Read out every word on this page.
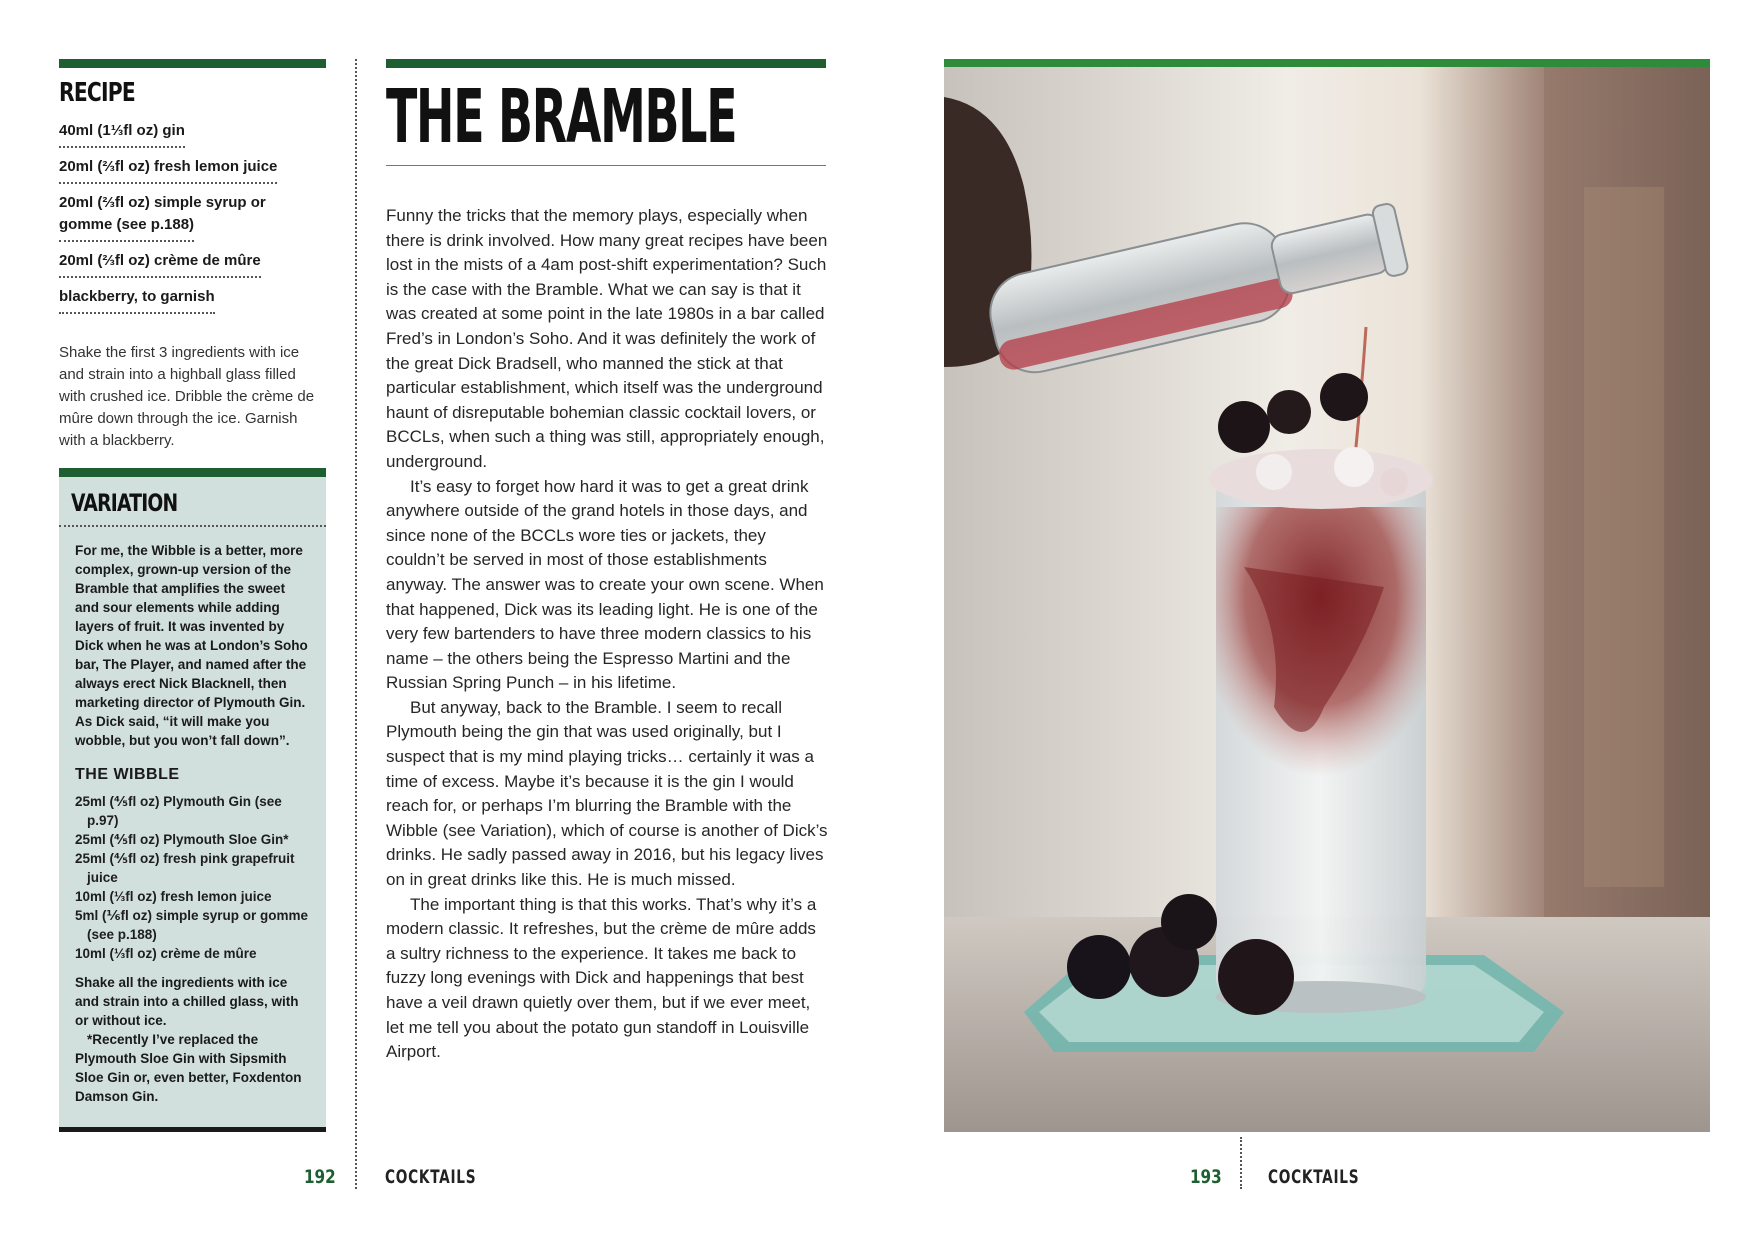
RECIPE
40ml (1⅓fl oz) gin
20ml (⅔fl oz) fresh lemon juice
20ml (⅔fl oz) simple syrup or
gomme (see p.188)
20ml (⅔fl oz) crème de mûre
blackberry, to garnish

Shake the first 3 ingredients with ice and strain into a highball glass filled with crushed ice. Dribble the crème de mûre down through the ice. Garnish with a blackberry.

VARIATION

For me, the Wibble is a better, more complex, grown-up version of the Bramble that amplifies the sweet and sour elements while adding layers of fruit. It was invented by Dick when he was at London’s Soho bar, The Player, and named after the always erect Nick Blacknell, then marketing director of Plymouth Gin. As Dick said, “it will make you wobble, but you won’t fall down”.

THE WIBBLE

25ml (⅘fl oz) Plymouth Gin (see p.97)
25ml (⅘fl oz) Plymouth Sloe Gin*
25ml (⅘fl oz) fresh pink grapefruit juice
10ml (⅓fl oz) fresh lemon juice
5ml (⅙fl oz) simple syrup or gomme (see p.188)
10ml (⅓fl oz) crème de mûre

Shake all the ingredients with ice and strain into a chilled glass, with or without ice.

*Recently I’ve replaced the Plymouth Sloe Gin with Sipsmith Sloe Gin or, even better, Foxdenton Damson Gin.

THE BRAMBLE

Funny the tricks that the memory plays, especially when there is drink involved. How many great recipes have been lost in the mists of a 4am post-shift experimentation? Such is the case with the Bramble. What we can say is that it was created at some point in the late 1980s in a bar called Fred’s in London’s Soho. And it was definitely the work of the great Dick Bradsell, who manned the stick at that particular establishment, which itself was the underground haunt of disreputable bohemian classic cocktail lovers, or BCCLs, when such a thing was still, appropriately enough, underground.

It’s easy to forget how hard it was to get a great drink anywhere outside of the grand hotels in those days, and since none of the BCCLs wore ties or jackets, they couldn’t be served in most of those establishments anyway. The answer was to create your own scene. When that happened, Dick was its leading light. He is one of the very few bartenders to have three modern classics to his name – the others being the Espresso Martini and the Russian Spring Punch – in his lifetime.

But anyway, back to the Bramble. I seem to recall Plymouth being the gin that was used originally, but I suspect that is my mind playing tricks… certainly it was a time of excess. Maybe it’s because it is the gin I would reach for, or perhaps I’m blurring the Bramble with the Wibble (see Variation), which of course is another of Dick’s drinks. He sadly passed away in 2016, but his legacy lives on in great drinks like this. He is much missed.

The important thing is that this works. That’s why it’s a modern classic. It refreshes, but the crème de mûre adds a sultry richness to the experience. It takes me back to fuzzy long evenings with Dick and happenings that best have a veil drawn quietly over them, but if we ever meet, let me tell you about the potato gun standoff in Louisville Airport.

192	COCKTAILS	193 COCKTAILS
